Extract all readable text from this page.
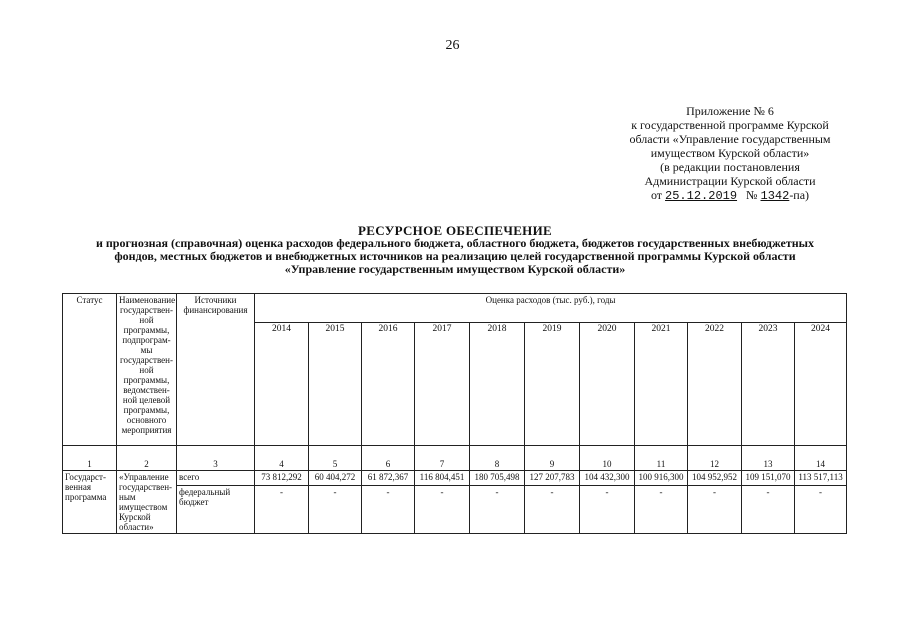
26
Приложение № 6
к государственной программе Курской
области «Управление государственным
имуществом Курской области»
(в редакции постановления
Администрации Курской области
от 25.12.2019 № 1342-па)
РЕСУРСНОЕ ОБЕСПЕЧЕНИЕ
и прогнозная (справочная) оценка расходов федерального бюджета, областного бюджета, бюджетов государственных внебюджетных
фондов, местных бюджетов и внебюджетных источников на реализацию целей государственной программы Курской области
«Управление государственным имуществом Курской области»
Статус	Наименование государствен-ной программы, подпрограм-мы государствен-ной программы, ведомствен-ной целевой программы, основного мероприятия	Источники финансирования	Оценка расходов (тыс. руб.), годы										
			2014	2015	2016	2017	2018	2019	2020	2021	2022	2023	2024
1	2	3	4	5	6	7	8	9	10	11	12	13	14
Государст-венная программа	«Управление государствен-ным имуществом Курской области»	всего	73 812,292	60 404,272	61 872,367	116 804,451	180 705,498	127 207,783	104 432,300	100 916,300	104 952,952	109 151,070	113 517,113
		федеральный бюджет	-	-	-	-	-	-	-	-	-	-	-
